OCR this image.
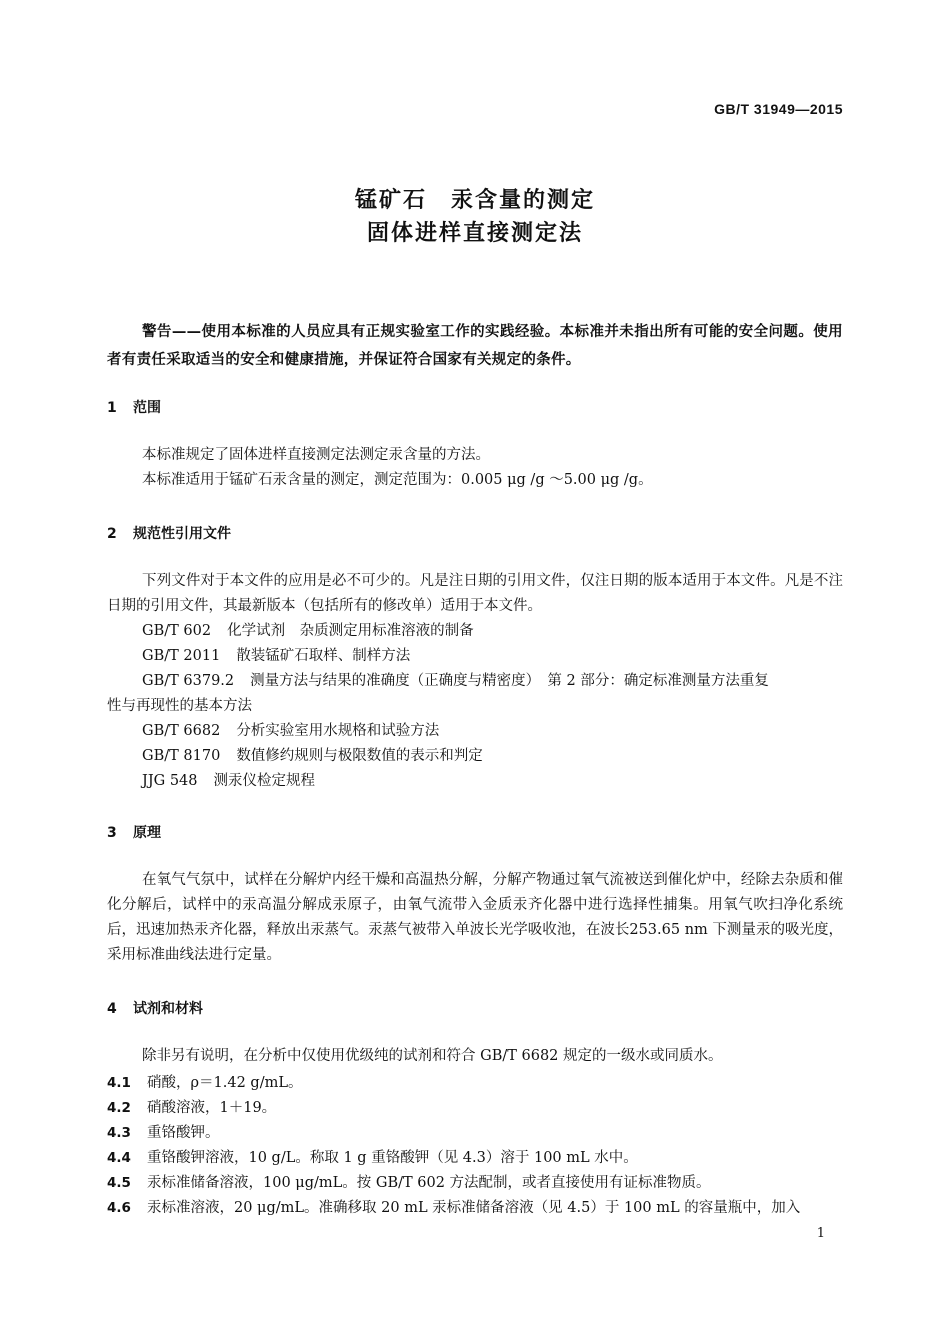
GB/T 31949—2015
锰矿石　汞含量的测定
固体进样直接测定法
警告——使用本标准的人员应具有正规实验室工作的实践经验。本标准并未指出所有可能的安全问题。使用者有责任采取适当的安全和健康措施，并保证符合国家有关规定的条件。
1 范围
本标准规定了固体进样直接测定法测定汞含量的方法。
本标准适用于锰矿石汞含量的测定，测定范围为：0.005 μg /g ～5.00 μg /g。
2 规范性引用文件
下列文件对于本文件的应用是必不可少的。凡是注日期的引用文件，仅注日期的版本适用于本文件。凡是不注日期的引用文件，其最新版本（包括所有的修改单）适用于本文件。
GB/T 602 化学试剂　杂质测定用标准溶液的制备
GB/T 2011 散装锰矿石取样、制样方法
GB/T 6379.2 测量方法与结果的准确度（正确度与精密度）　第 2 部分：确定标准测量方法重复
性与再现性的基本方法
GB/T 6682 分析实验室用水规格和试验方法
GB/T 8170 数值修约规则与极限数值的表示和判定
JJG 548 测汞仪检定规程
3 原理
在氧气气氛中，试样在分解炉内经干燥和高温热分解，分解产物通过氧气流被送到催化炉中，经除去杂质和催化分解后，试样中的汞高温分解成汞原子，由氧气流带入金质汞齐化器中进行选择性捕集。用氧气吹扫净化系统后，迅速加热汞齐化器，释放出汞蒸气。汞蒸气被带入单波长光学吸收池，在波长253.65 nm 下测量汞的吸光度，采用标准曲线法进行定量。
4 试剂和材料
除非另有说明，在分析中仅使用优级纯的试剂和符合 GB/T 6682 规定的一级水或同质水。
4.1 硝酸，ρ＝1.42 g/mL。
4.2 硝酸溶液，1＋19。
4.3 重铬酸钾。
4.4 重铬酸钾溶液，10 g/L。称取 1 g 重铬酸钾（见 4.3）溶于 100 mL 水中。
4.5 汞标准储备溶液，100 μg/mL。按 GB/T 602 方法配制，或者直接使用有证标准物质。
4.6 汞标准溶液，20 μg/mL。准确移取 20 mL 汞标准储备溶液（见 4.5）于 100 mL 的容量瓶中，加入
1
